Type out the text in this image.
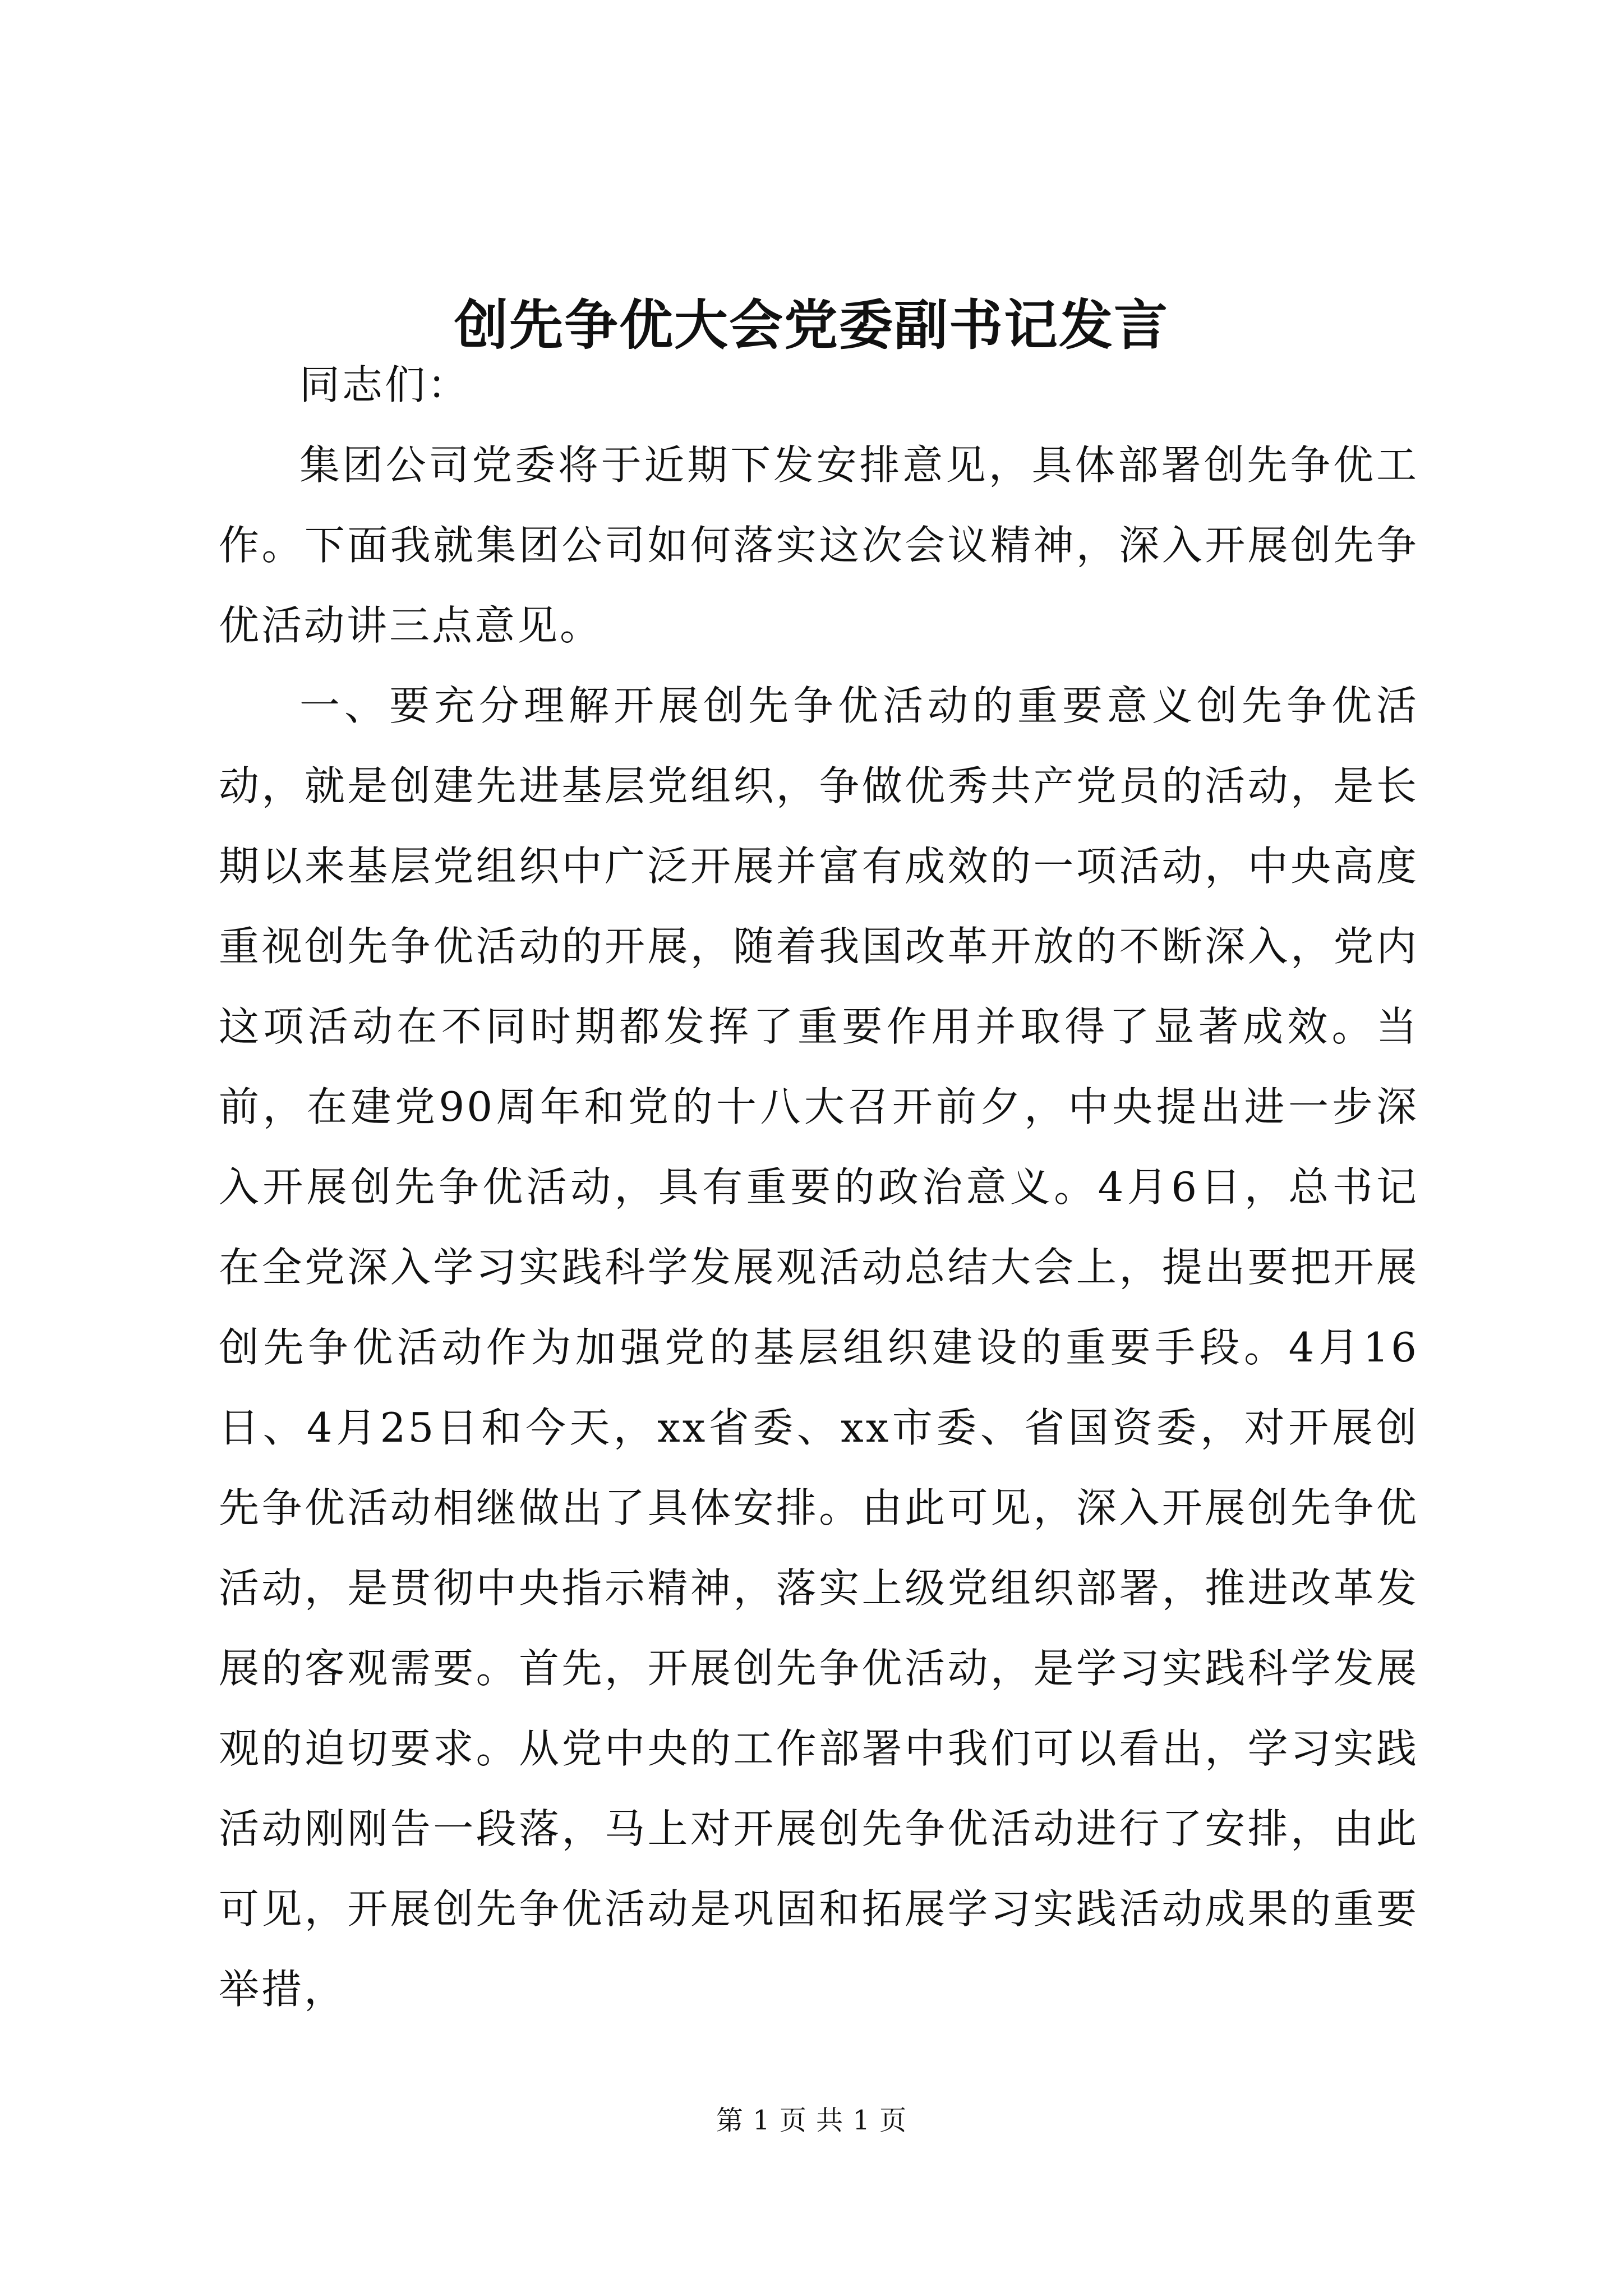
创先争优大会党委副书记发言

同志们：

集团公司党委将于近期下发安排意见，具体部署创先争优工作。下面我就集团公司如何落实这次会议精神，深入开展创先争优活动讲三点意见。

一、要充分理解开展创先争优活动的重要意义创先争优活动，就是创建先进基层党组织，争做优秀共产党员的活动，是长期以来基层党组织中广泛开展并富有成效的一项活动，中央高度重视创先争优活动的开展，随着我国改革开放的不断深入，党内这项活动在不同时期都发挥了重要作用并取得了显著成效。当前，在建党90周年和党的十八大召开前夕，中央提出进一步深入开展创先争优活动，具有重要的政治意义。4月6日，总书记在全党深入学习实践科学发展观活动总结大会上，提出要把开展创先争优活动作为加强党的基层组织建设的重要手段。4月16日、4月25日和今天，xx省委、xx市委、省国资委，对开展创先争优活动相继做出了具体安排。由此可见，深入开展创先争优活动，是贯彻中央指示精神，落实上级党组织部署，推进改革发展的客观需要。首先，开展创先争优活动，是学习实践科学发展观的迫切要求。从党中央的工作部署中我们可以看出，学习实践活动刚刚告一段落，马上对开展创先争优活动进行了安排，由此可见，开展创先争优活动是巩固和拓展学习实践活动成果的重要举措，

第 1 页 共 1 页
